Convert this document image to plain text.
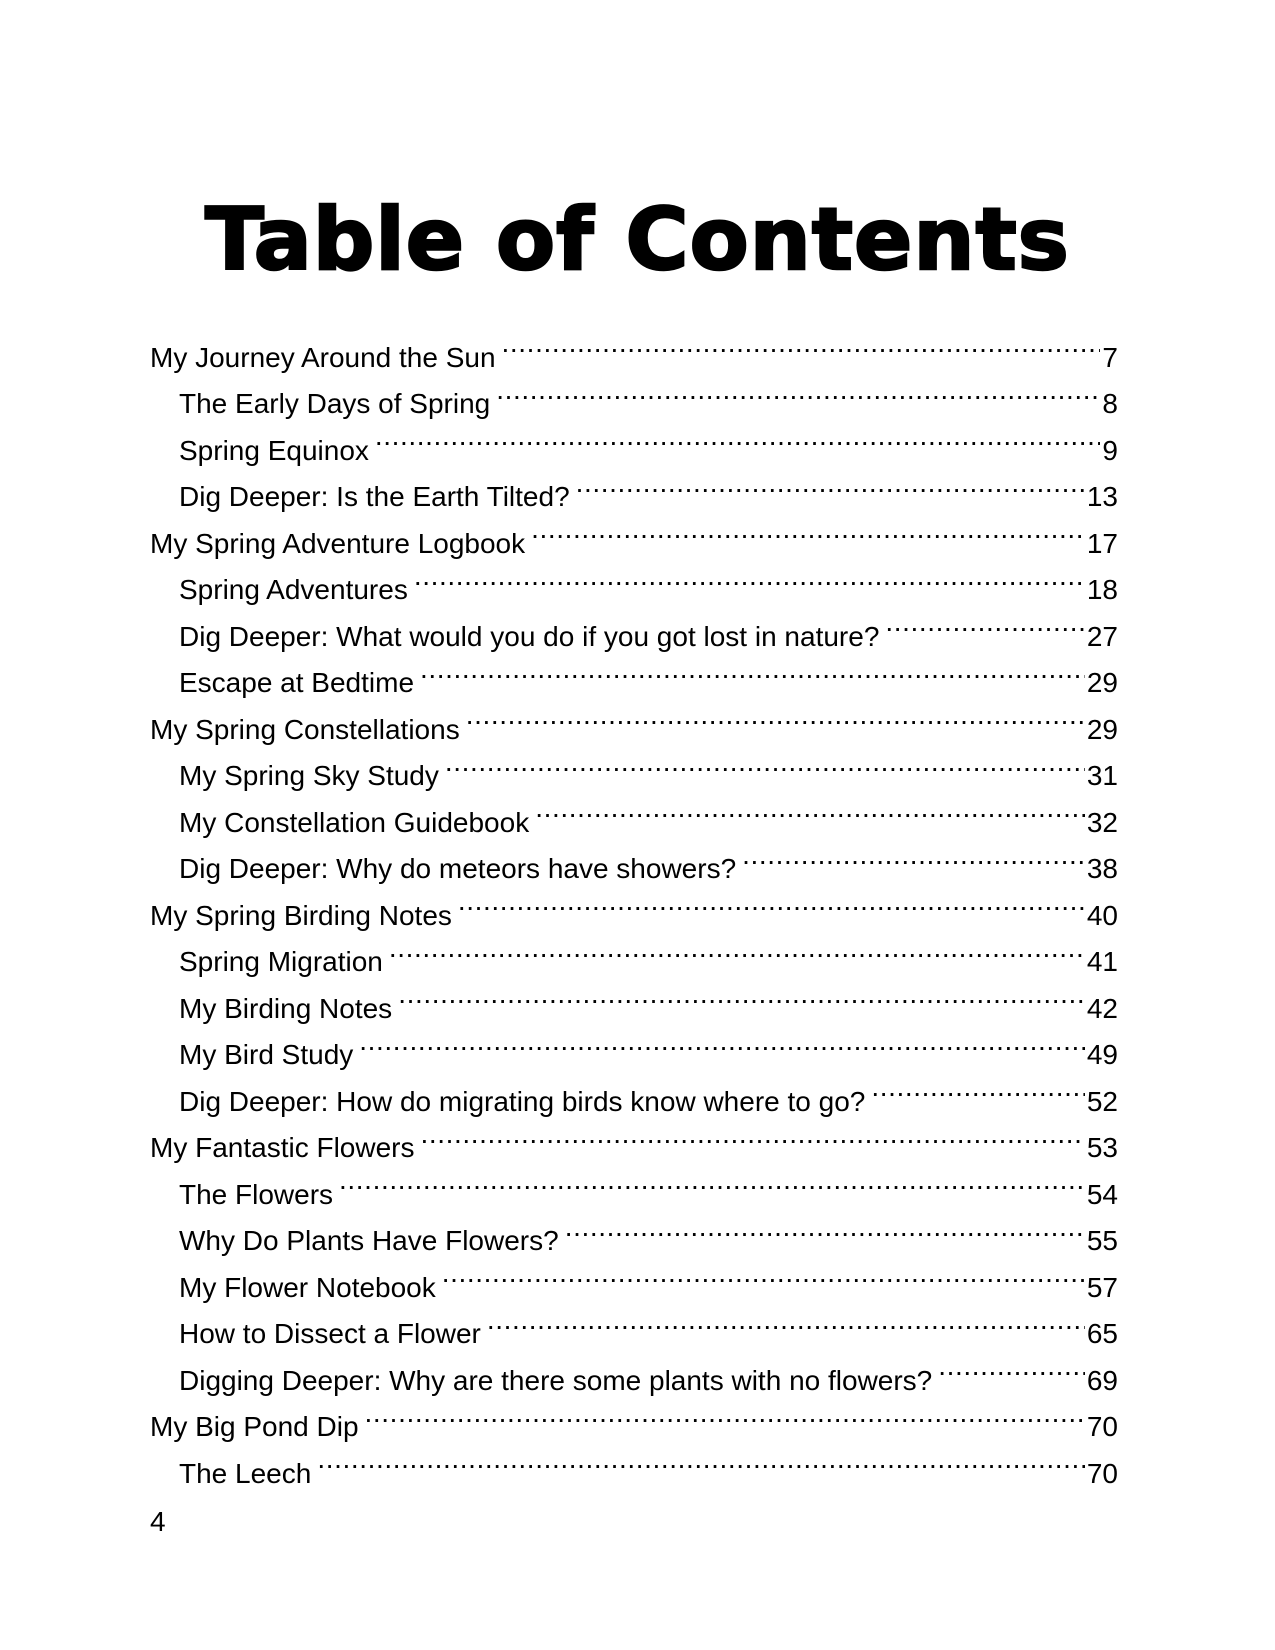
Table of Contents
My Journey Around the Sun .....	7
The Early Days of Spring .....	8
Spring Equinox .....	9
Dig Deeper: Is the Earth Tilted? .....	13
My Spring Adventure Logbook .....	17
Spring Adventures .....	18
Dig Deeper: What would you do if you got lost in nature? .....	27
Escape at Bedtime .....	29
My Spring Constellations .....	29
My Spring Sky Study .....	31
My Constellation Guidebook .....	32
Dig Deeper: Why do meteors have showers? .....	38
My Spring Birding Notes .....	40
Spring Migration .....	41
My Birding Notes .....	42
My Bird Study .....	49
Dig Deeper: How do migrating birds know where to go? .....	52
My Fantastic Flowers .....	53
The Flowers .....	54
Why Do Plants Have Flowers? .....	55
My Flower Notebook .....	57
How to Dissect a Flower .....	65
Digging Deeper: Why are there some plants with no flowers? .....	69
My Big Pond Dip .....	70
The Leech .....	70
4
